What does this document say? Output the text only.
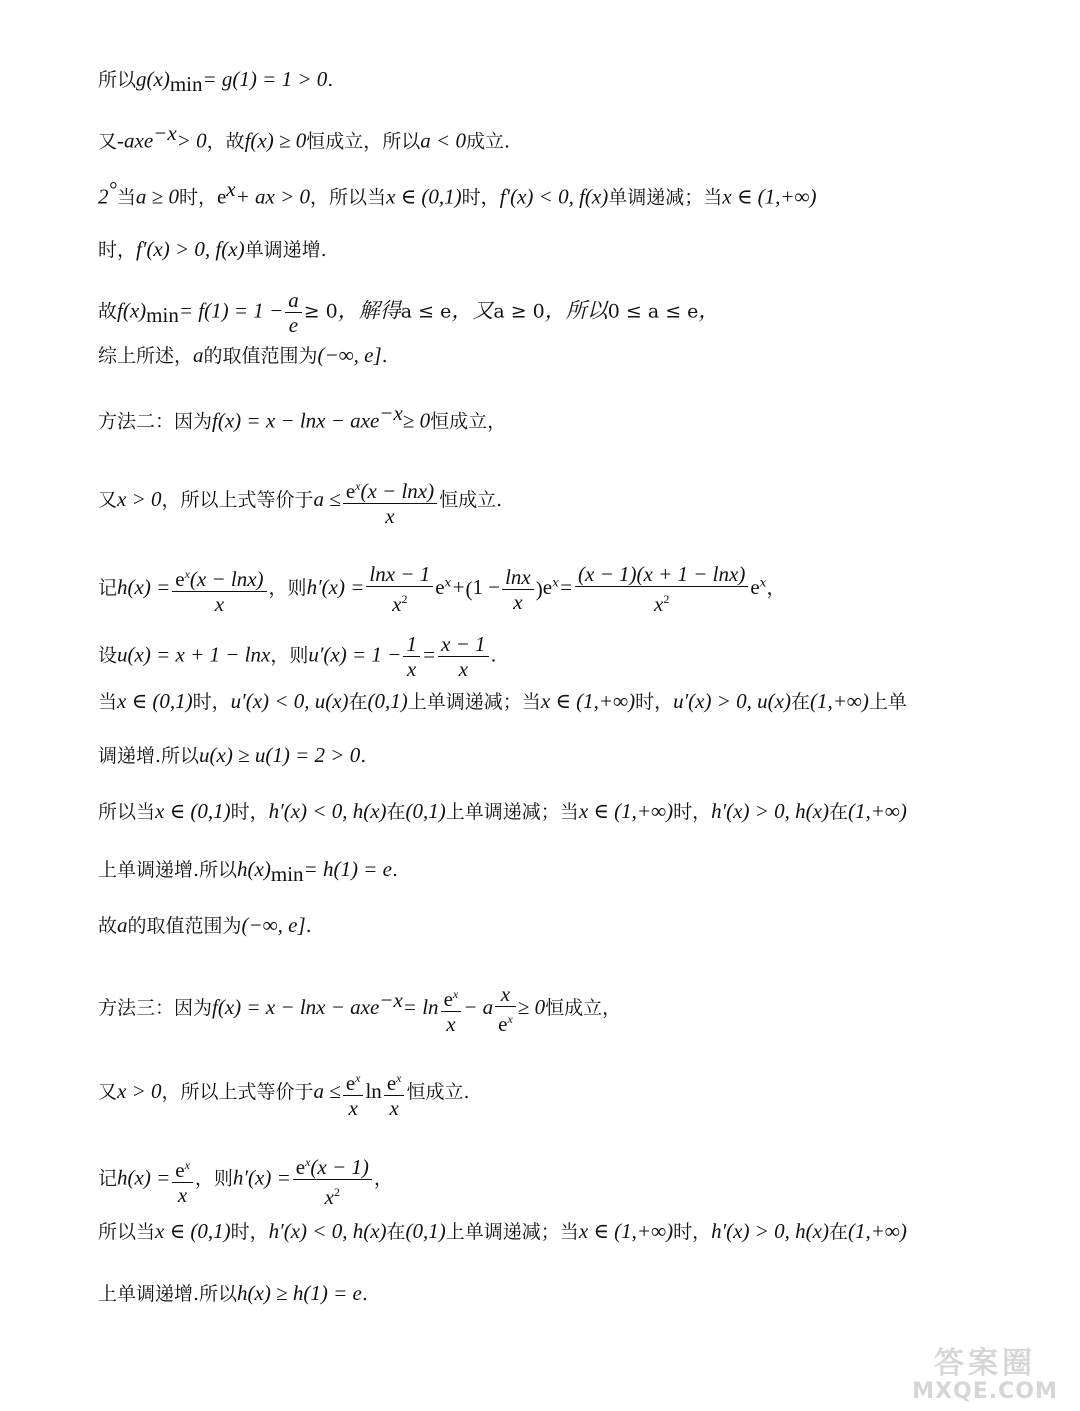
所以$g(x)_{min}= g(1) = 1 > 0$.
又-axe$^{-x}$> 0，故f(x) ≥ 0恒成立，所以a < 0成立.
2°当a ≥ 0时，$e^x+$ ax > 0，所以当x ∈ (0,1)时，f′(x) < 0, f(x)单调递减；当x ∈ (1,+∞)
时，f′(x) > 0, f(x)单调递增.
故$f(x)_{min}= f(1) = 1 - \frac{a}{e} \ge 0$，解得a ≤ e，又a ≥ 0，所以0 ≤ a ≤ e，
综上所述，a的取值范围为(−∞, e].
方法二：因为f(x) = x − lnx − axe$^{-x}$≥ 0恒成立，
又x > 0，所以上式等价于$a \le \frac{e^x(x - \ln x)}{x}$ 恒成立.
记$h(x) = \frac{e^x(x - \ln x)}{x}$ ，则$h'(x) = \frac{\ln x - 1}{x^2} e^x+(1 - \frac{\ln x}{x} )e^x= \frac{(x - 1)(x + 1 - \ln x)}{x^2} e^x$，
设u(x) = x + 1 − lnx，则$u'(x) = 1 - \frac{1}{x} = \frac{x - 1}{x}$ .
当x ∈ (0,1)时，u′(x) < 0, u(x)在(0,1)上单调递减；当x ∈ (1,+∞)时，u′(x) > 0, u(x)在(1,+∞)上单
调递增.所以u(x) ≥ u(1) = 2 > 0.
所以当x ∈ (0,1)时，h′(x) < 0, h(x)在(0,1)上单调递减；当x ∈ (1,+∞)时，h′(x) > 0, h(x)在(1,+∞)
上单调递增.所以$h(x)_{min}= h(1) = e$.
故a的取值范围为(−∞, e].
方法三：因为$f(x) = x - \ln x - axe^{-x}= \ln \frac{e^x}{x} - a \frac{x}{e^x} \ge 0$恒成立，
又x > 0，所以上式等价于$a \le \frac{e^x}{x}$ $\ln \frac{e^x}{x}$ 恒成立.
记$h(x) = \frac{e^x}{x}$ ，则$h'(x) = \frac{e^x(x - 1)}{x^2}$ ，
所以当x ∈ (0,1)时，h′(x) < 0, h(x)在(0,1)上单调递减；当x ∈ (1,+∞)时，h′(x) > 0, h(x)在(1,+∞)
上单调递增.所以h(x) ≥ h(1) = e.
答案圈
MXQE.COM
